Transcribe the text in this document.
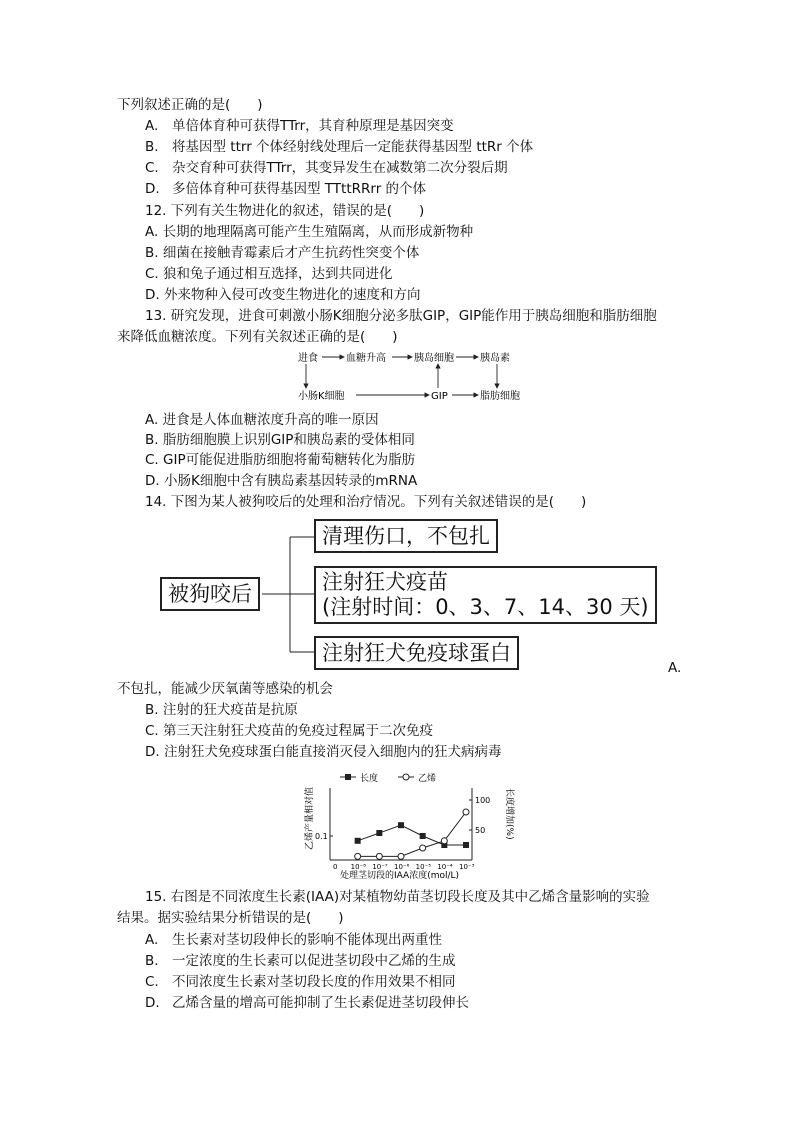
下列叙述正确的是(　　)
A. 单倍体育种可获得TTrr，其育种原理是基因突变
B. 将基因型 ttrr 个体经射线处理后一定能获得基因型 ttRr 个体
C. 杂交育种可获得TTrr，其变异发生在减数第二次分裂后期
D. 多倍体育种可获得基因型 TTttRRrr 的个体
12. 下列有关生物进化的叙述，错误的是(　　)
A. 长期的地理隔离可能产生生殖隔离，从而形成新物种
B. 细菌在接触青霉素后才产生抗药性突变个体
C. 狼和兔子通过相互选择，达到共同进化
D. 外来物种入侵可改变生物进化的速度和方向
13. 研究发现，进食可刺激小肠K细胞分泌多肽GIP，GIP能作用于胰岛细胞和脂肪细胞
来降低血糖浓度。下列有关叙述正确的是(　　)
进食	血糖升高	胰岛细胞	胰岛素
小肠K细胞	GIP	脂肪细胞
A. 进食是人体血糖浓度升高的唯一原因
B. 脂肪细胞膜上识别GIP和胰岛素的受体相同
C. GIP可能促进脂肪细胞将葡萄糖转化为脂肪
D. 小肠K细胞中含有胰岛素基因转录的mRNA
14. 下图为某人被狗咬后的处理和治疗情况。下列有关叙述错误的是(　　)
被狗咬后
清理伤口，不包扎
注射狂犬疫苗
(注射时间：0、3、7、14、30 天)
注射狂犬免疫球蛋白
A.
不包扎，能减少厌氧菌等感染的机会
B. 注射的狂犬疫苗是抗原
C. 第三天注射狂犬疫苗的免疫过程属于二次免疫
D. 注射狂犬免疫球蛋白能直接消灭侵入细胞内的狂犬病病毒
0 10⁻⁸ 10⁻⁷ 10⁻⁶ 10⁻⁵ 10⁻⁴ 10⁻³
0.1
100
50
长度	乙烯
乙烯产量相对值	长度增加(%)
处理茎切段的IAA浓度(mol/L)
15. 右图是不同浓度生长素(IAA)对某植物幼苗茎切段长度及其中乙烯含量影响的实验
结果。据实验结果分析错误的是(　　)
A. 生长素对茎切段伸长的影响不能体现出两重性
B. 一定浓度的生长素可以促进茎切段中乙烯的生成
C. 不同浓度生长素对茎切段长度的作用效果不相同
D. 乙烯含量的增高可能抑制了生长素促进茎切段伸长
